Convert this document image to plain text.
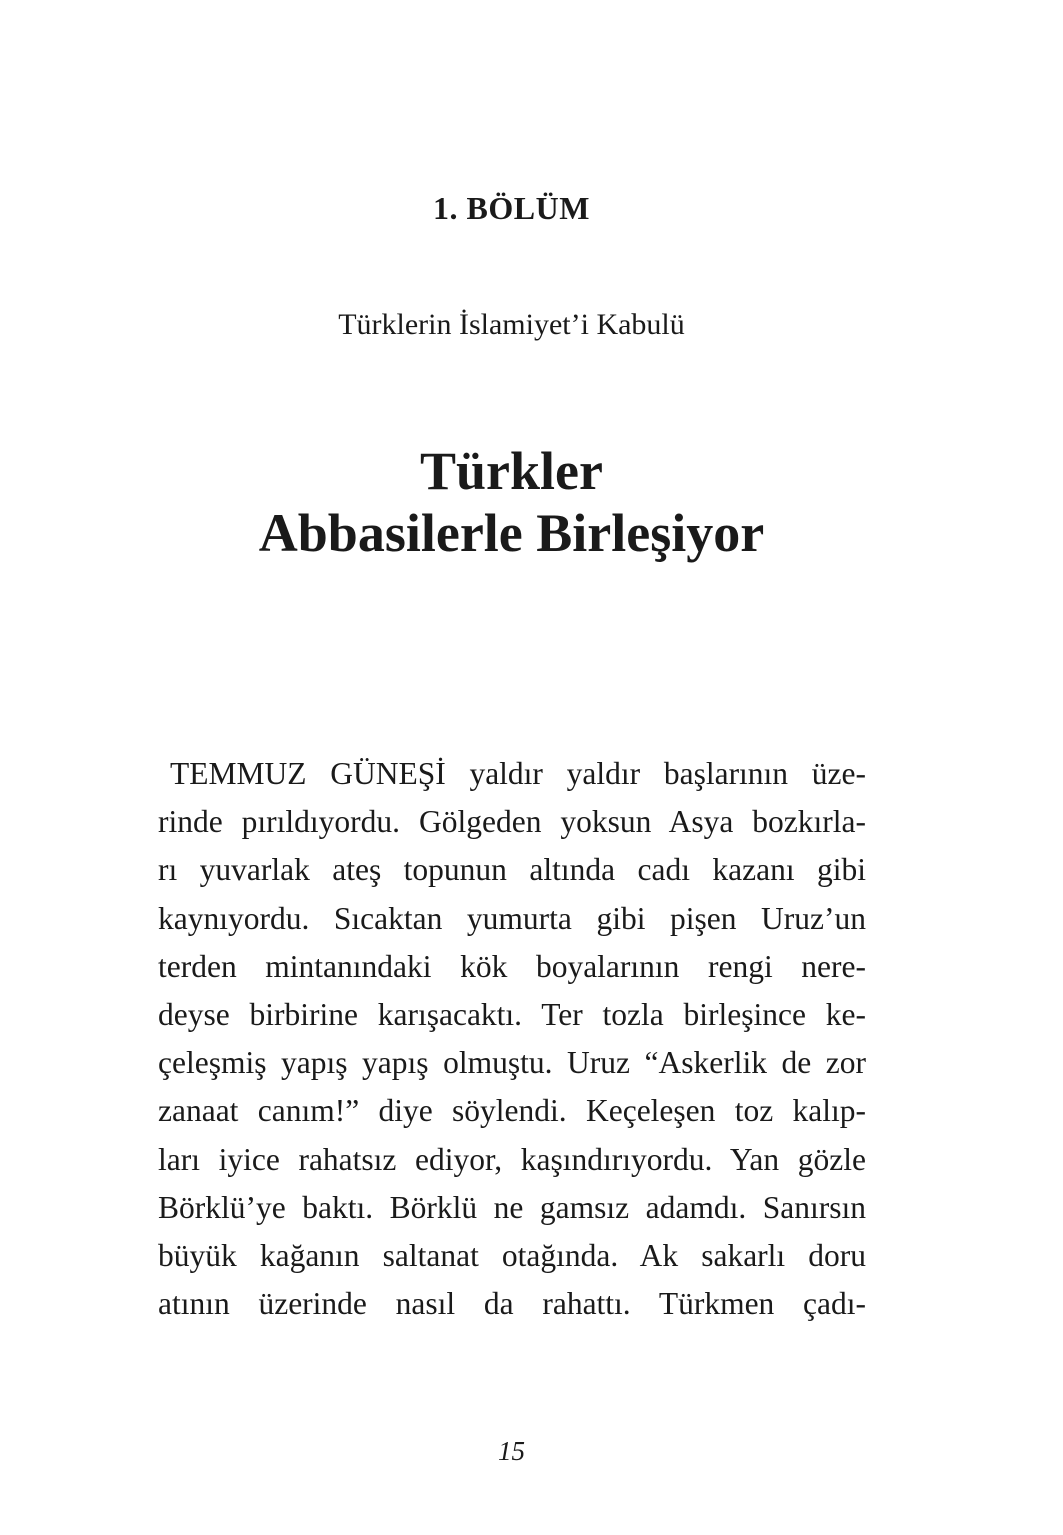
1. BÖLÜM
Türklerin İslamiyet’i Kabulü
Türkler
Abbasilerle Birleşiyor
TEMMUZ GÜNEŞİ yaldır yaldır başlarının üze-
rinde pırıldıyordu. Gölgeden yoksun Asya bozkırla-
rı yuvarlak ateş topunun altında cadı kazanı gibi
kaynıyordu. Sıcaktan yumurta gibi pişen Uruz’un
terden mintanındaki kök boyalarının rengi nere-
deyse birbirine karışacaktı. Ter tozla birleşince ke-
çeleşmiş yapış yapış olmuştu. Uruz “Askerlik de zor
zanaat canım!” diye söylendi. Keçeleşen toz kalıp-
ları iyice rahatsız ediyor, kaşındırıyordu. Yan gözle
Börklü’ye baktı. Börklü ne gamsız adamdı. Sanırsın
büyük kağanın saltanat otağında. Ak sakarlı doru
atının üzerinde nasıl da rahattı. Türkmen çadı-
15
